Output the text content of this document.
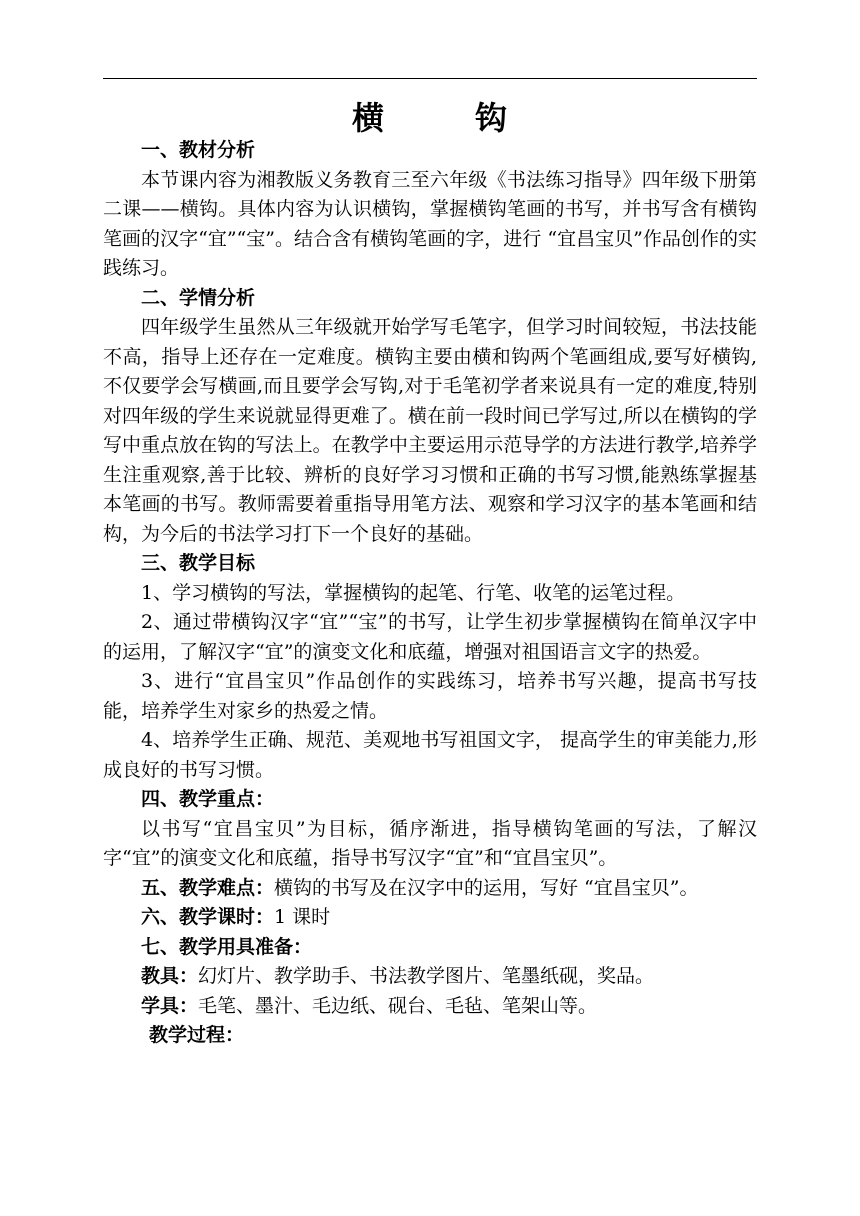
横	钩

一、教材分析

本节课内容为湘教版义务教育三至六年级《书法练习指导》四年级下册第二课——横钩。具体内容为认识横钩，掌握横钩笔画的书写，并书写含有横钩笔画的汉字“宜”“宝”。结合含有横钩笔画的字，进行 “宜昌宝贝”作品创作的实践练习。

二、学情分析

四年级学生虽然从三年级就开始学写毛笔字，但学习时间较短，书法技能不高，指导上还存在一定难度。横钩主要由横和钩两个笔画组成,要写好横钩,不仅要学会写横画,而且要学会写钩,对于毛笔初学者来说具有一定的难度,特别对四年级的学生来说就显得更难了。横在前一段时间已学写过,所以在横钩的学写中重点放在钩的写法上。在教学中主要运用示范导学的方法进行教学,培养学生注重观察,善于比较、辨析的良好学习习惯和正确的书写习惯,能熟练掌握基本笔画的书写。教师需要着重指导用笔方法、观察和学习汉字的基本笔画和结构，为今后的书法学习打下一个良好的基础。

三、教学目标

1、学习横钩的写法，掌握横钩的起笔、行笔、收笔的运笔过程。

2、通过带横钩汉字“宜”“宝”的书写，让学生初步掌握横钩在简单汉字中的运用，了解汉字“宜”的演变文化和底蕴，增强对祖国语言文字的热爱。

3、进行“宜昌宝贝”作品创作的实践练习，培养书写兴趣，提高书写技能，培养学生对家乡的热爱之情。

4、培养学生正确、规范、美观地书写祖国文字， 提高学生的审美能力,形成良好的书写习惯。

四、教学重点：

以书写“宜昌宝贝”为目标，循序渐进，指导横钩笔画的写法，了解汉字“宜”的演变文化和底蕴，指导书写汉字“宜”和“宜昌宝贝”。

五、教学难点：横钩的书写及在汉字中的运用，写好 “宜昌宝贝”。

六、教学课时：1 课时

七、教学用具准备：

教具：幻灯片、教学助手、书法教学图片、笔墨纸砚，奖品。

学具：毛笔、墨汁、毛边纸、砚台、毛毡、笔架山等。

教学过程：
